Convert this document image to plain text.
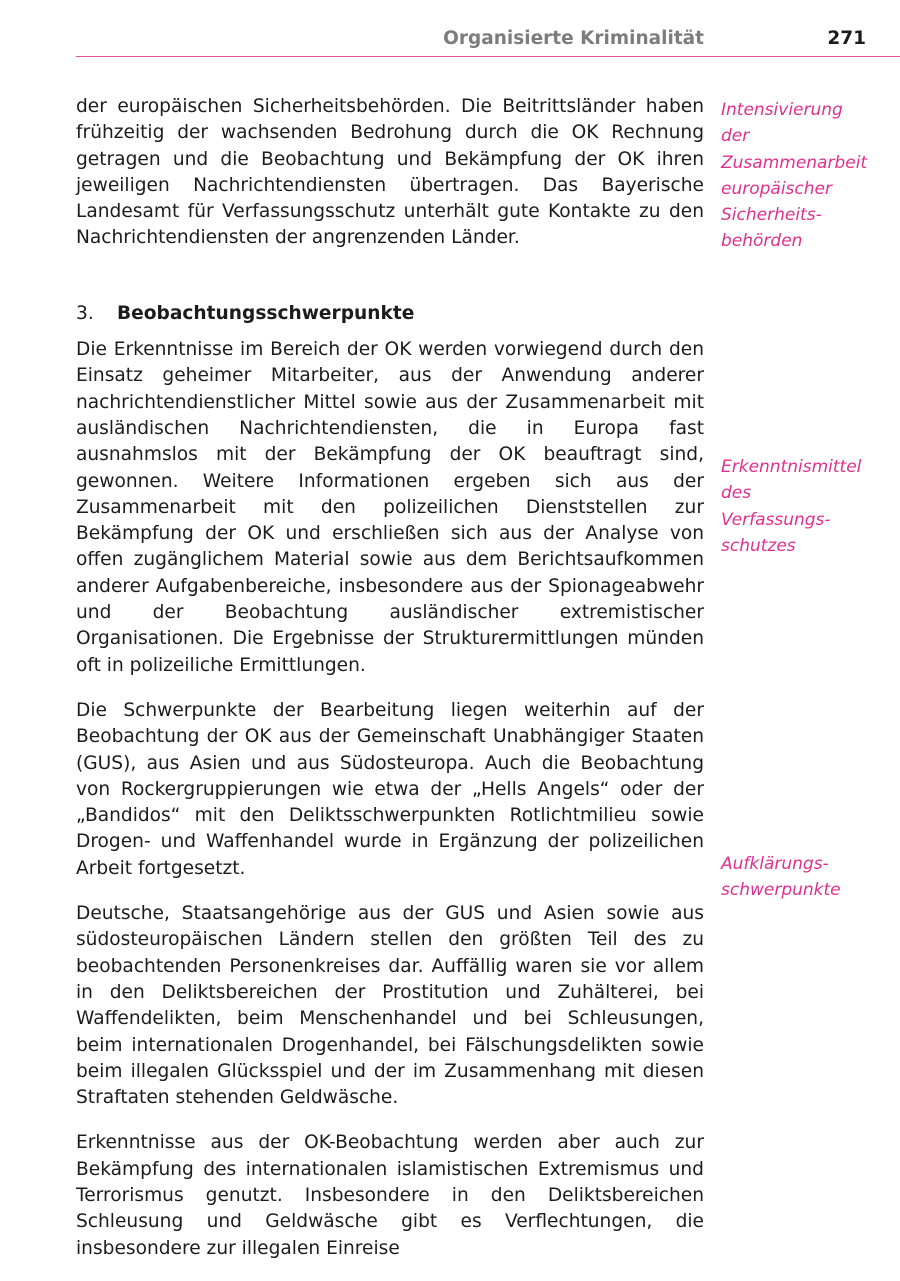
Organisierte Kriminalität	271

der europäischen Sicherheitsbehörden. Die Beitrittsländer haben frühzeitig der wachsenden Bedrohung durch die OK Rechnung getragen und die Beobachtung und Bekämpfung der OK ihren jeweiligen Nachrichtendiensten übertragen. Das Bayerische Landesamt für Verfassungsschutz unterhält gute Kontakte zu den Nachrichtendiensten der angrenzenden Länder.

3. Beobachtungsschwerpunkte

Die Erkenntnisse im Bereich der OK werden vorwiegend durch den Einsatz geheimer Mitarbeiter, aus der Anwendung anderer nachrichtendienstlicher Mittel sowie aus der Zusammenarbeit mit ausländischen Nachrichtendiensten, die in Europa fast ausnahmslos mit der Bekämpfung der OK beauftragt sind, gewonnen. Weitere Informationen ergeben sich aus der Zusammenarbeit mit den polizeilichen Dienststellen zur Bekämpfung der OK und erschließen sich aus der Analyse von offen zugänglichem Material sowie aus dem Berichtsaufkommen anderer Aufgabenbereiche, insbesondere aus der Spionageabwehr und der Beobachtung ausländischer extremistischer Organisationen. Die Ergebnisse der Strukturermittlungen münden oft in polizeiliche Ermittlungen.

Die Schwerpunkte der Bearbeitung liegen weiterhin auf der Beobachtung der OK aus der Gemeinschaft Unabhängiger Staaten (GUS), aus Asien und aus Südosteuropa. Auch die Beobachtung von Rockergruppierungen wie etwa der „Hells Angels“ oder der „Bandidos“ mit den Deliktsschwerpunkten Rotlichtmilieu sowie Drogen- und Waffenhandel wurde in Ergänzung der polizeilichen Arbeit fortgesetzt.

Deutsche, Staatsangehörige aus der GUS und Asien sowie aus südosteuropäischen Ländern stellen den größten Teil des zu beobachtenden Personenkreises dar. Auffällig waren sie vor allem in den Deliktsbereichen der Prostitution und Zuhälterei, bei Waffendelikten, beim Menschenhandel und bei Schleusungen, beim internationalen Drogenhandel, bei Fälschungsdelikten sowie beim illegalen Glücksspiel und der im Zusammenhang mit diesen Straftaten stehenden Geldwäsche.

Erkenntnisse aus der OK-Beobachtung werden aber auch zur Bekämpfung des internationalen islamistischen Extremismus und Terrorismus genutzt. Insbesondere in den Deliktsbereichen Schleusung und Geldwäsche gibt es Verflechtungen, die insbesondere zur illegalen Einreise

Intensivierung der Zusammenarbeit europäischer Sicherheitsbehörden
Erkenntnismittel des Verfassungsschutzes
Aufklärungsschwerpunkte
